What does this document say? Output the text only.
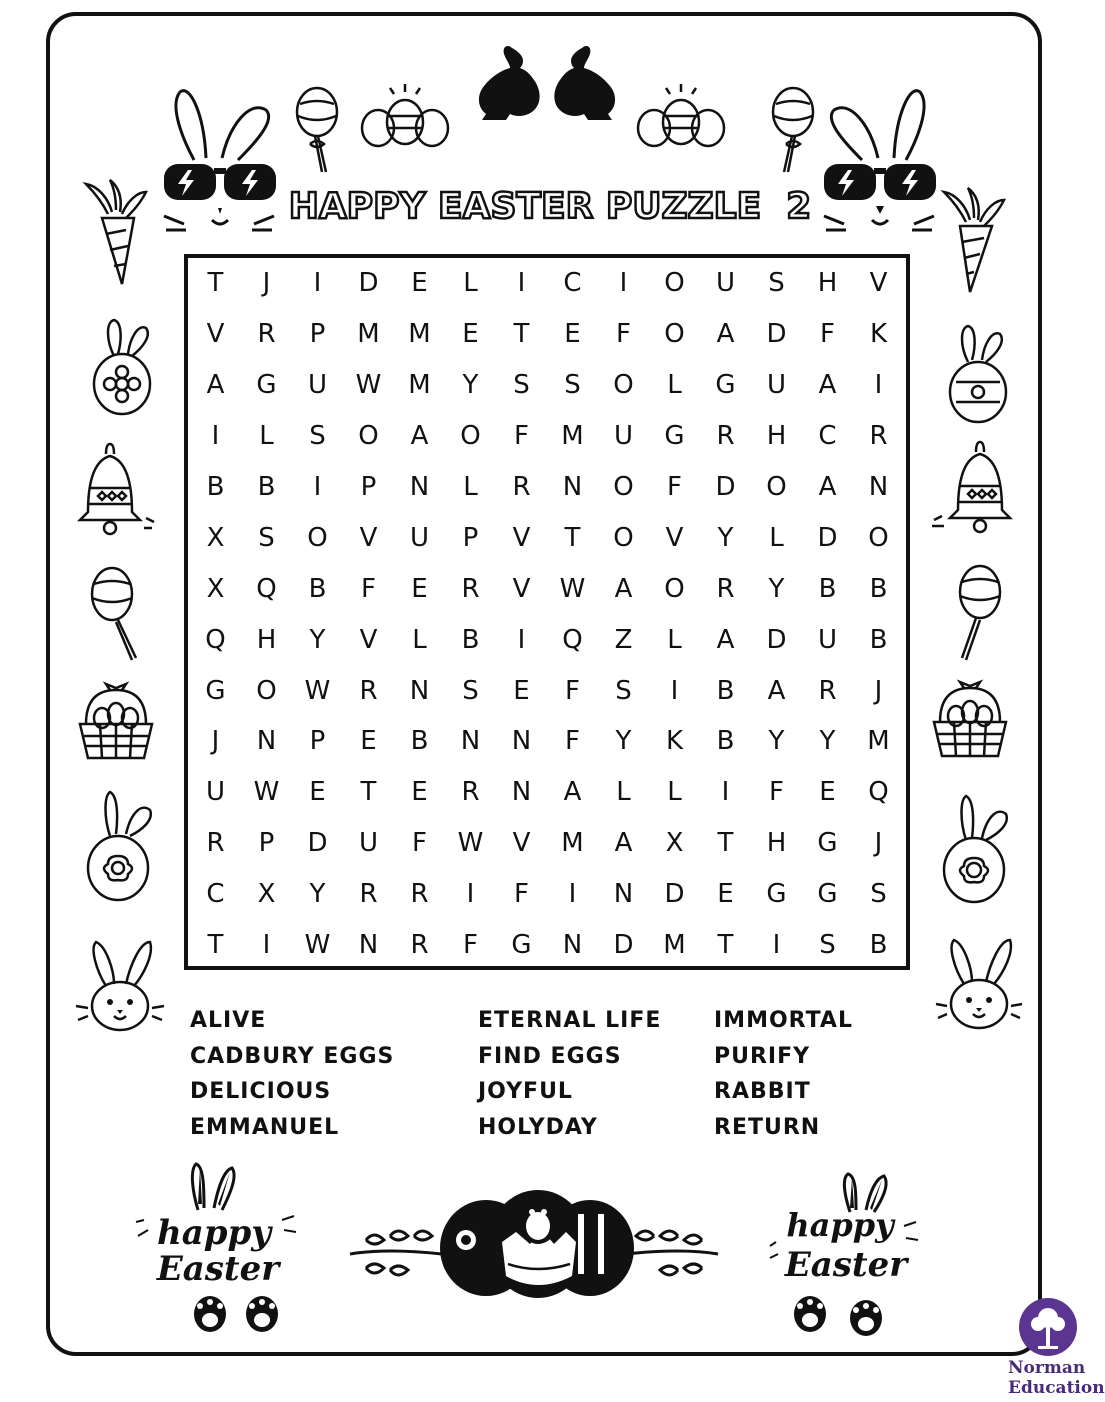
HAPPY EASTER PUZZLE  2
T	J	I	D	E	L	I	C	I	O	U	S	H	V
V	R	P	M	M	E	T	E	F	O	A	D	F	K
A	G	U	W	M	Y	S	S	O	L	G	U	A	I
I	L	S	O	A	O	F	M	U	G	R	H	C	R
B	B	I	P	N	L	R	N	O	F	D	O	A	N
X	S	O	V	U	P	V	T	O	V	Y	L	D	O
X	Q	B	F	E	R	V	W	A	O	R	Y	B	B
Q	H	Y	V	L	B	I	Q	Z	L	A	D	U	B
G	O	W	R	N	S	E	F	S	I	B	A	R	J
J	N	P	E	B	N	N	F	Y	K	B	Y	Y	M
U	W	E	T	E	R	N	A	L	L	I	F	E	Q
R	P	D	U	F	W	V	M	A	X	T	H	G	J
C	X	Y	R	R	I	F	I	N	D	E	G	G	S
T	I	W	N	R	F	G	N	D	M	T	I	S	B
ALIVE
CADBURY EGGS
DELICIOUS
EMMANUEL
ETERNAL LIFE
FIND EGGS
JOYFUL
HOLYDAY
IMMORTAL
PURIFY
RABBIT
RETURN
happy
Easter
happy
Easter
Norman
Education
